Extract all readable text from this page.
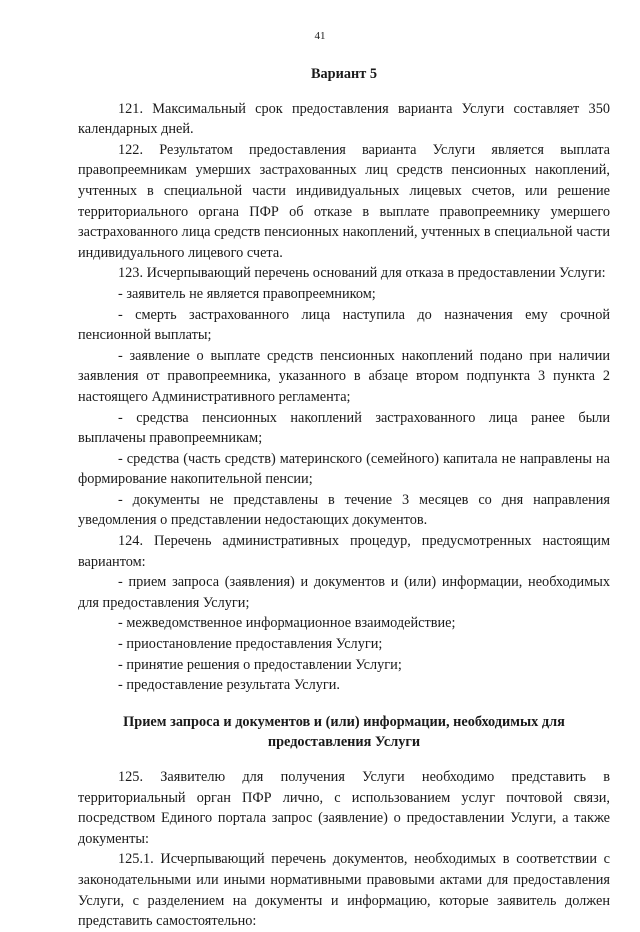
41
Вариант 5

121. Максимальный срок предоставления варианта Услуги составляет 350 календарных дней.

122. Результатом предоставления варианта Услуги является выплата правопреемникам умерших застрахованных лиц средств пенсионных накоплений, учтенных в специальной части индивидуальных лицевых счетов, или решение территориального органа ПФР об отказе в выплате правопреемнику умершего застрахованного лица средств пенсионных накоплений, учтенных в специальной части индивидуального лицевого счета.

123. Исчерпывающий перечень оснований для отказа в предоставлении Услуги:

- заявитель не является правопреемником;

- смерть застрахованного лица наступила до назначения ему срочной пенсионной выплаты;

- заявление о выплате средств пенсионных накоплений подано при наличии заявления от правопреемника, указанного в абзаце втором подпункта 3 пункта 2 настоящего Административного регламента;

- средства пенсионных накоплений застрахованного лица ранее были выплачены правопреемникам;

- средства (часть средств) материнского (семейного) капитала не направлены на формирование накопительной пенсии;

- документы не представлены в течение 3 месяцев со дня направления уведомления о представлении недостающих документов.

124. Перечень административных процедур, предусмотренных настоящим вариантом:

- прием запроса (заявления) и документов и (или) информации, необходимых для предоставления Услуги;

- межведомственное информационное взаимодействие;

- приостановление предоставления Услуги;

- принятие решения о предоставлении Услуги;

- предоставление результата Услуги.

Прием запроса и документов и (или) информации, необходимых для предоставления Услуги

125. Заявителю для получения Услуги необходимо представить в территориальный орган ПФР лично, с использованием услуг почтовой связи, посредством Единого портала запрос (заявление) о предоставлении Услуги, а также документы:

125.1. Исчерпывающий перечень документов, необходимых в соответствии с законодательными или иными нормативными правовыми актами для предоставления Услуги, с разделением на документы и информацию, которые заявитель должен представить самостоятельно:
